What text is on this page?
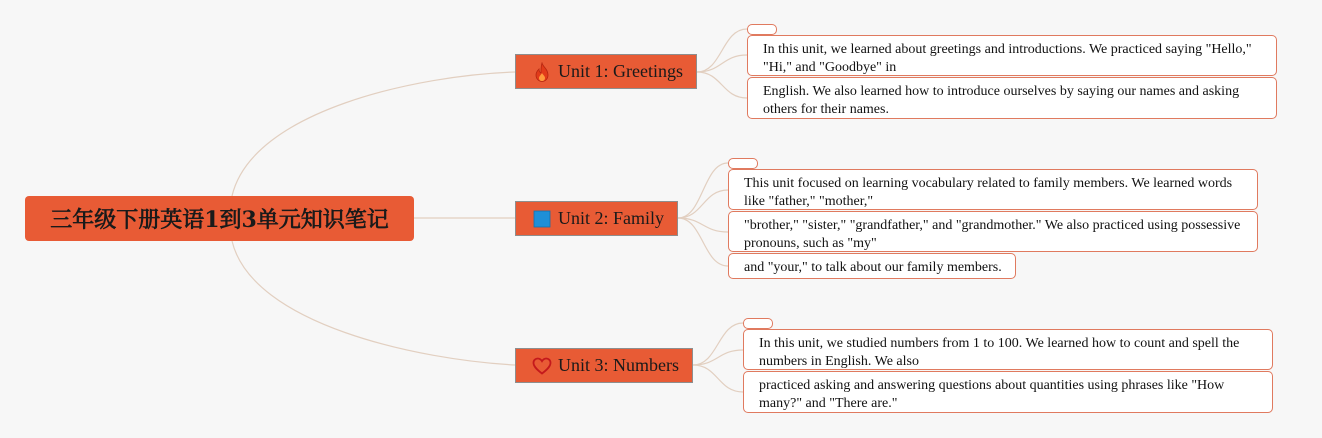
三年级下册英语1到3单元知识笔记
Unit 1: Greetings
Unit 2: Family
Unit 3: Numbers
In this unit, we learned about greetings and introductions. We practiced saying "Hello," "Hi," and "Goodbye" in
English. We also learned how to introduce ourselves by saying our names and asking others for their names.
This unit focused on learning vocabulary related to family members. We learned words like "father," "mother,"
"brother," "sister," "grandfather," and "grandmother." We also practiced using possessive pronouns, such as "my"
and "your," to talk about our family members.
In this unit, we studied numbers from 1 to 100. We learned how to count and spell the numbers in English. We also
practiced asking and answering questions about quantities using phrases like "How many?" and "There are."
